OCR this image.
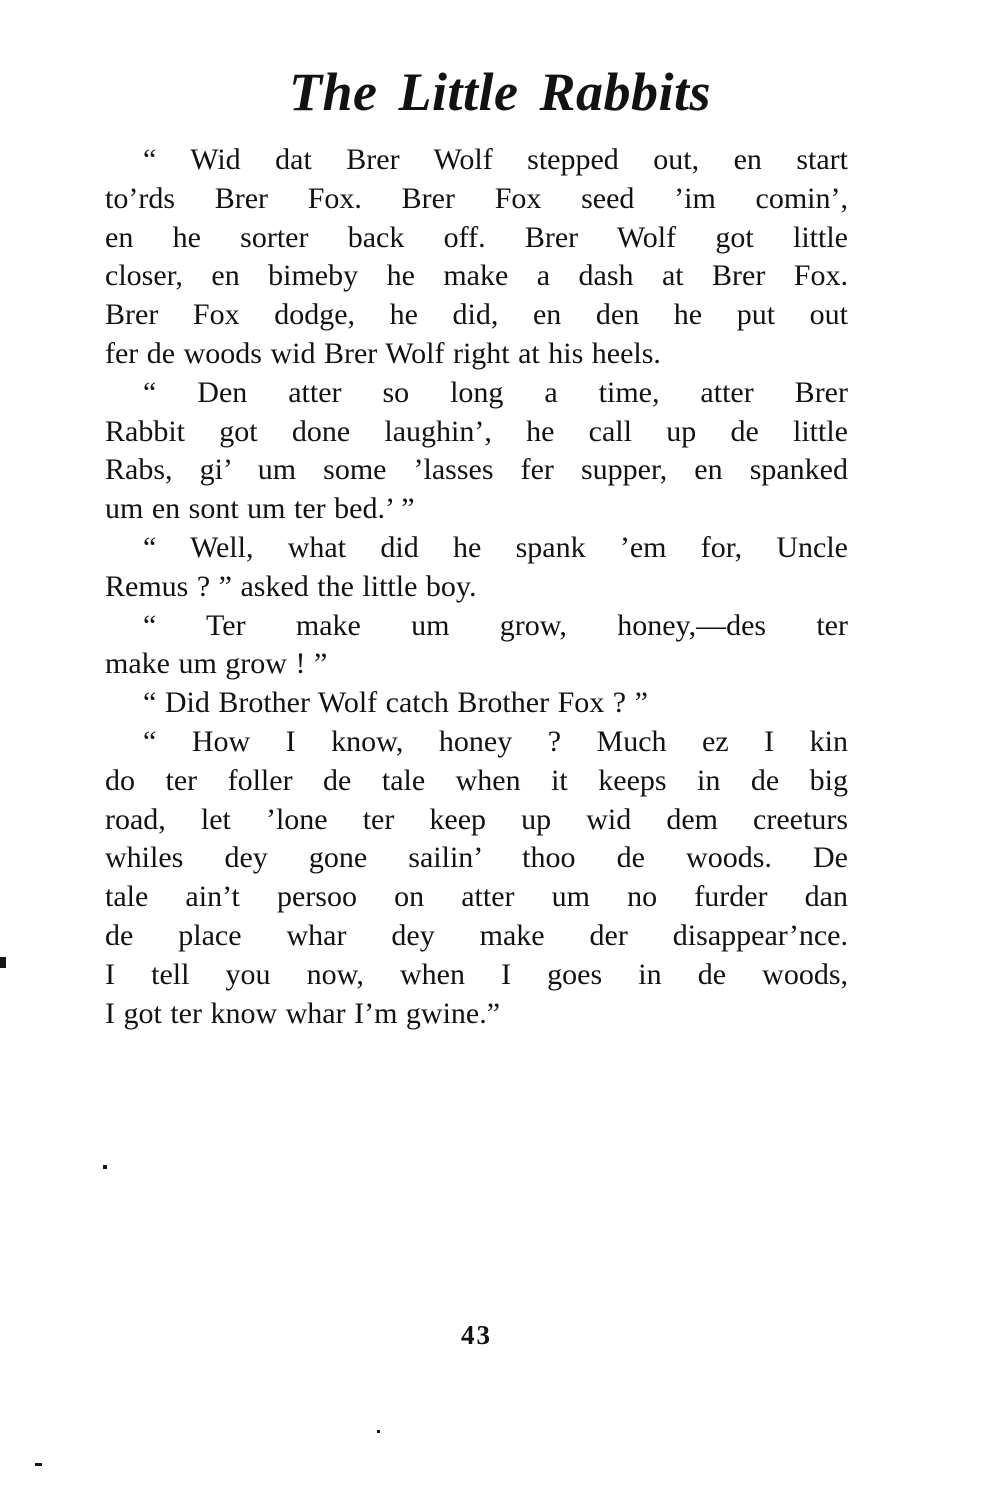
The Little Rabbits
“ Wid dat Brer Wolf stepped out, en start
to’rds Brer Fox. Brer Fox seed ’im comin’,
en he sorter back off. Brer Wolf got little
closer, en bimeby he make a dash at Brer Fox.
Brer Fox dodge, he did, en den he put out
fer de woods wid Brer Wolf right at his heels.
“ Den atter so long a time, atter Brer
Rabbit got done laughin’, he call up de little
Rabs, gi’ um some ’lasses fer supper, en spanked
um en sont um ter bed.’ ”
“ Well, what did he spank ’em for, Uncle
Remus ? ” asked the little boy.
“ Ter make um grow, honey,—des ter
make um grow ! ”
“ Did Brother Wolf catch Brother Fox ? ”
“ How I know, honey ? Much ez I kin
do ter foller de tale when it keeps in de big
road, let ’lone ter keep up wid dem creeturs
whiles dey gone sailin’ thoo de woods. De
tale ain’t persoo on atter um no furder dan
de place whar dey make der disappear’nce.
I tell you now, when I goes in de woods,
I got ter know whar I’m gwine.”
43
